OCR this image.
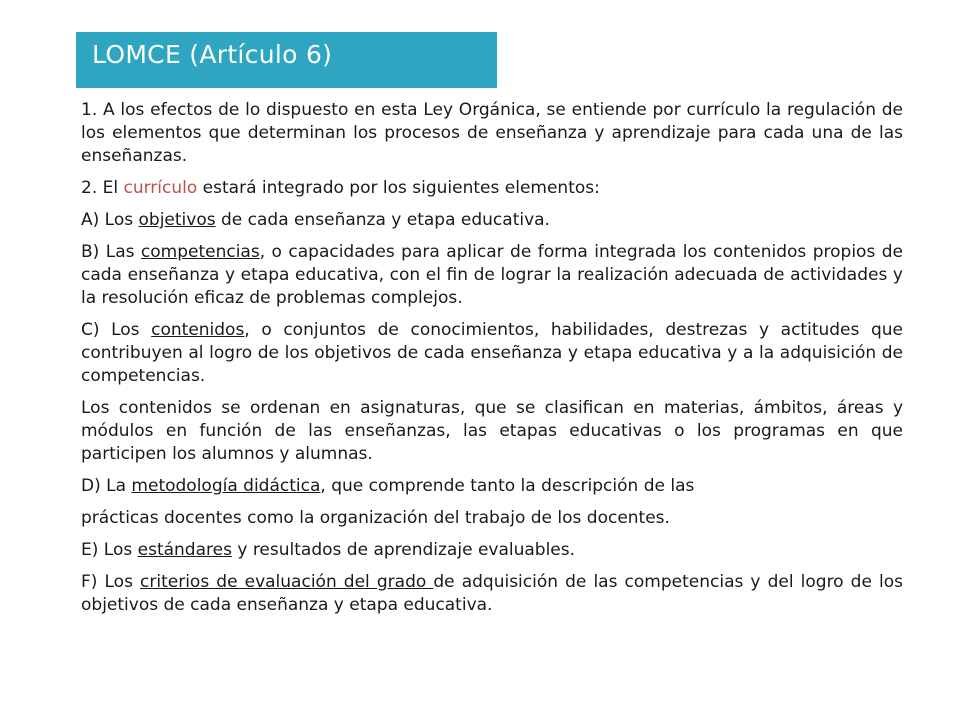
LOMCE (Artículo 6)

1. A los efectos de lo dispuesto en esta Ley Orgánica, se entiende por currículo la regulación de los elementos que determinan los procesos de enseñanza y aprendizaje para cada una de las enseñanzas.

2. El currículo estará integrado por los siguientes elementos:

A) Los objetivos de cada enseñanza y etapa educativa.

B) Las competencias, o capacidades para aplicar de forma integrada los contenidos propios de cada enseñanza y etapa educativa, con el fin de lograr la realización adecuada de actividades y la resolución eficaz de problemas complejos.

C) Los contenidos, o conjuntos de conocimientos, habilidades, destrezas y actitudes que contribuyen al logro de los objetivos de cada enseñanza y etapa educativa y a la adquisición de competencias.

Los contenidos se ordenan en asignaturas, que se clasifican en materias, ámbitos, áreas y módulos en función de las enseñanzas, las etapas educativas o los programas en que participen los alumnos y alumnas.

D) La metodología didáctica, que comprende tanto la descripción de las

prácticas docentes como la organización del trabajo de los docentes.

E) Los estándares y resultados de aprendizaje evaluables.

F) Los criterios de evaluación del grado de adquisición de las competencias y del logro de los objetivos de cada enseñanza y etapa educativa.
